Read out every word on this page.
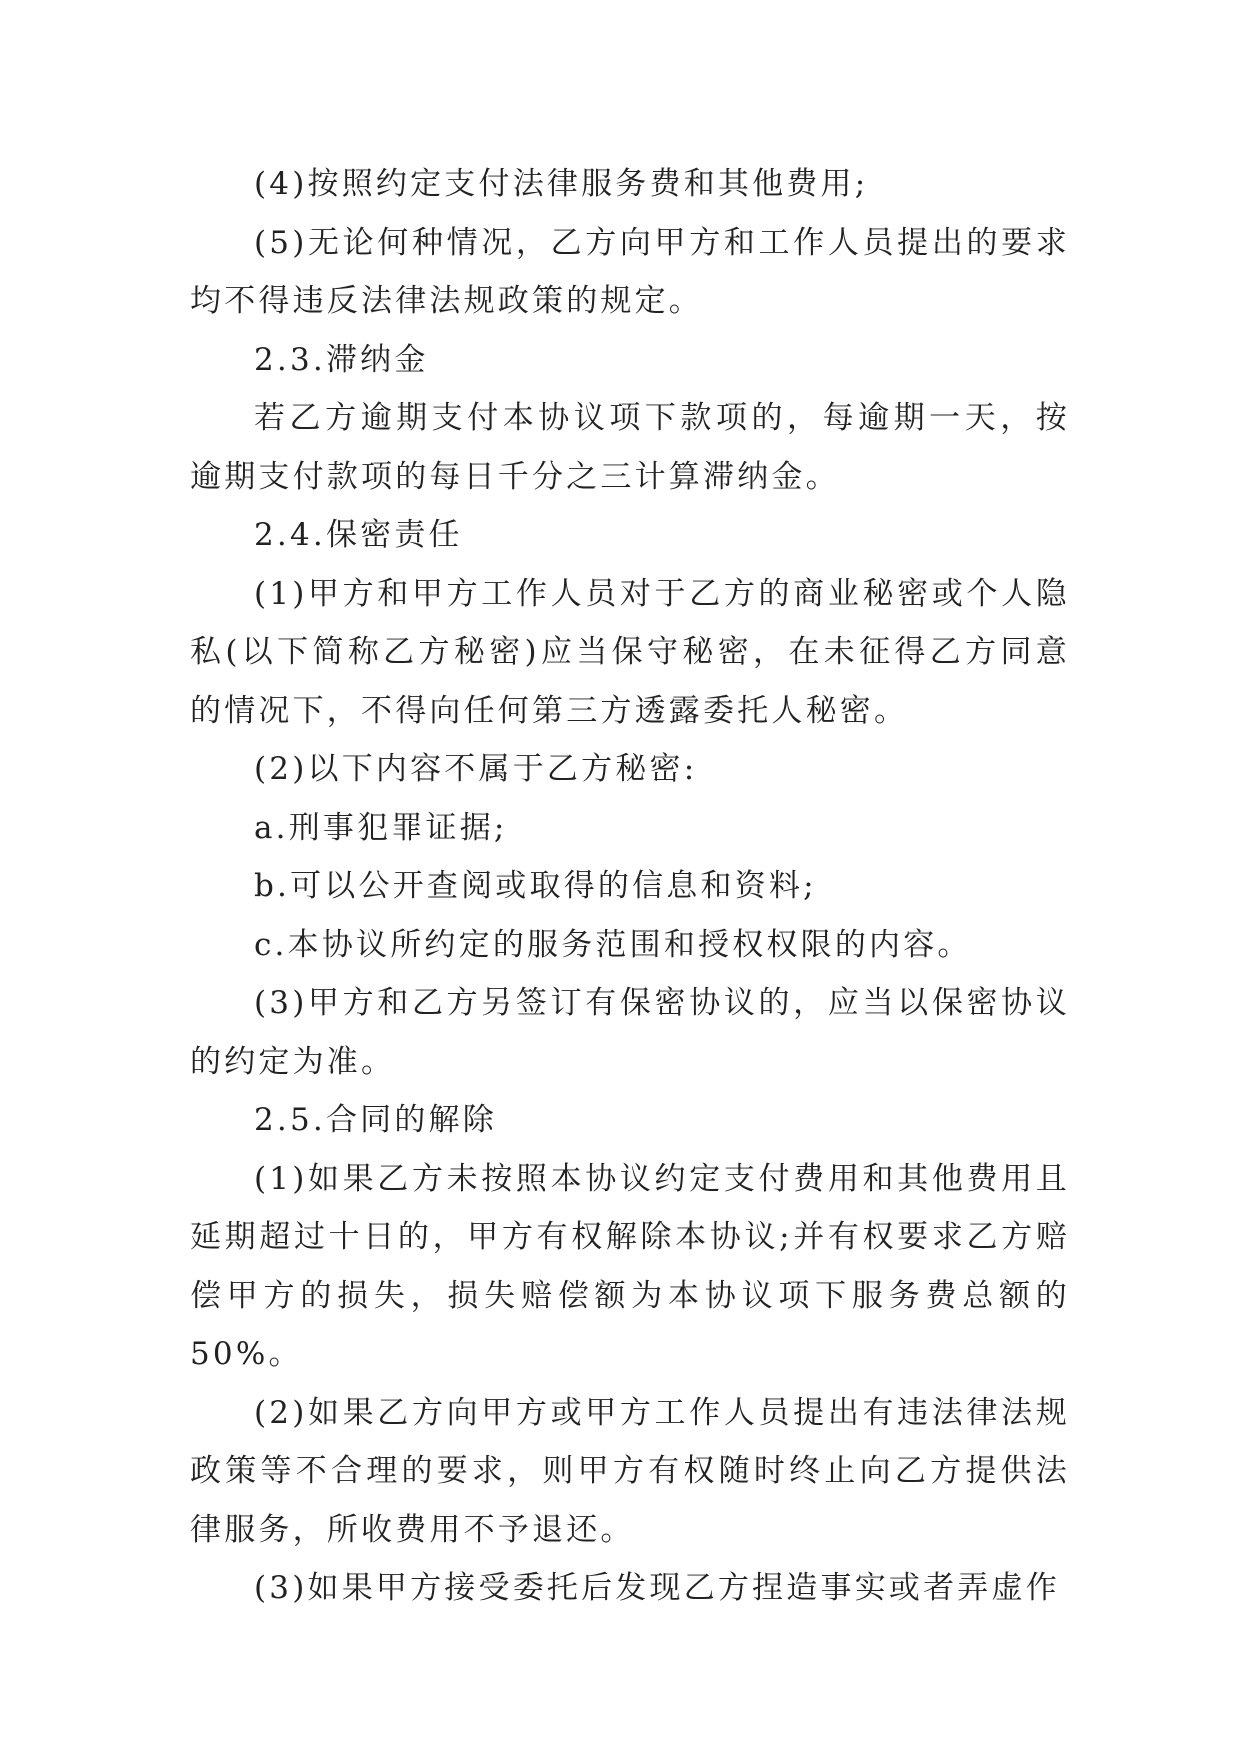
(4)按照约定支付法律服务费和其他费用;

(5)无论何种情况，乙方向甲方和工作人员提出的要求均不得违反法律法规政策的规定。

2.3.滞纳金

若乙方逾期支付本协议项下款项的，每逾期一天，按逾期支付款项的每日千分之三计算滞纳金。

2.4.保密责任

(1)甲方和甲方工作人员对于乙方的商业秘密或个人隐私(以下简称乙方秘密)应当保守秘密，在未征得乙方同意的情况下，不得向任何第三方透露委托人秘密。

(2)以下内容不属于乙方秘密:

a.刑事犯罪证据;

b.可以公开查阅或取得的信息和资料;

c.本协议所约定的服务范围和授权权限的内容。

(3)甲方和乙方另签订有保密协议的，应当以保密协议的约定为准。

2.5.合同的解除

(1)如果乙方未按照本协议约定支付费用和其他费用且延期超过十日的，甲方有权解除本协议;并有权要求乙方赔偿甲方的损失，损失赔偿额为本协议项下服务费总额的50%。

(2)如果乙方向甲方或甲方工作人员提出有违法律法规政策等不合理的要求，则甲方有权随时终止向乙方提供法律服务，所收费用不予退还。

(3)如果甲方接受委托后发现乙方捏造事实或者弄虚作
